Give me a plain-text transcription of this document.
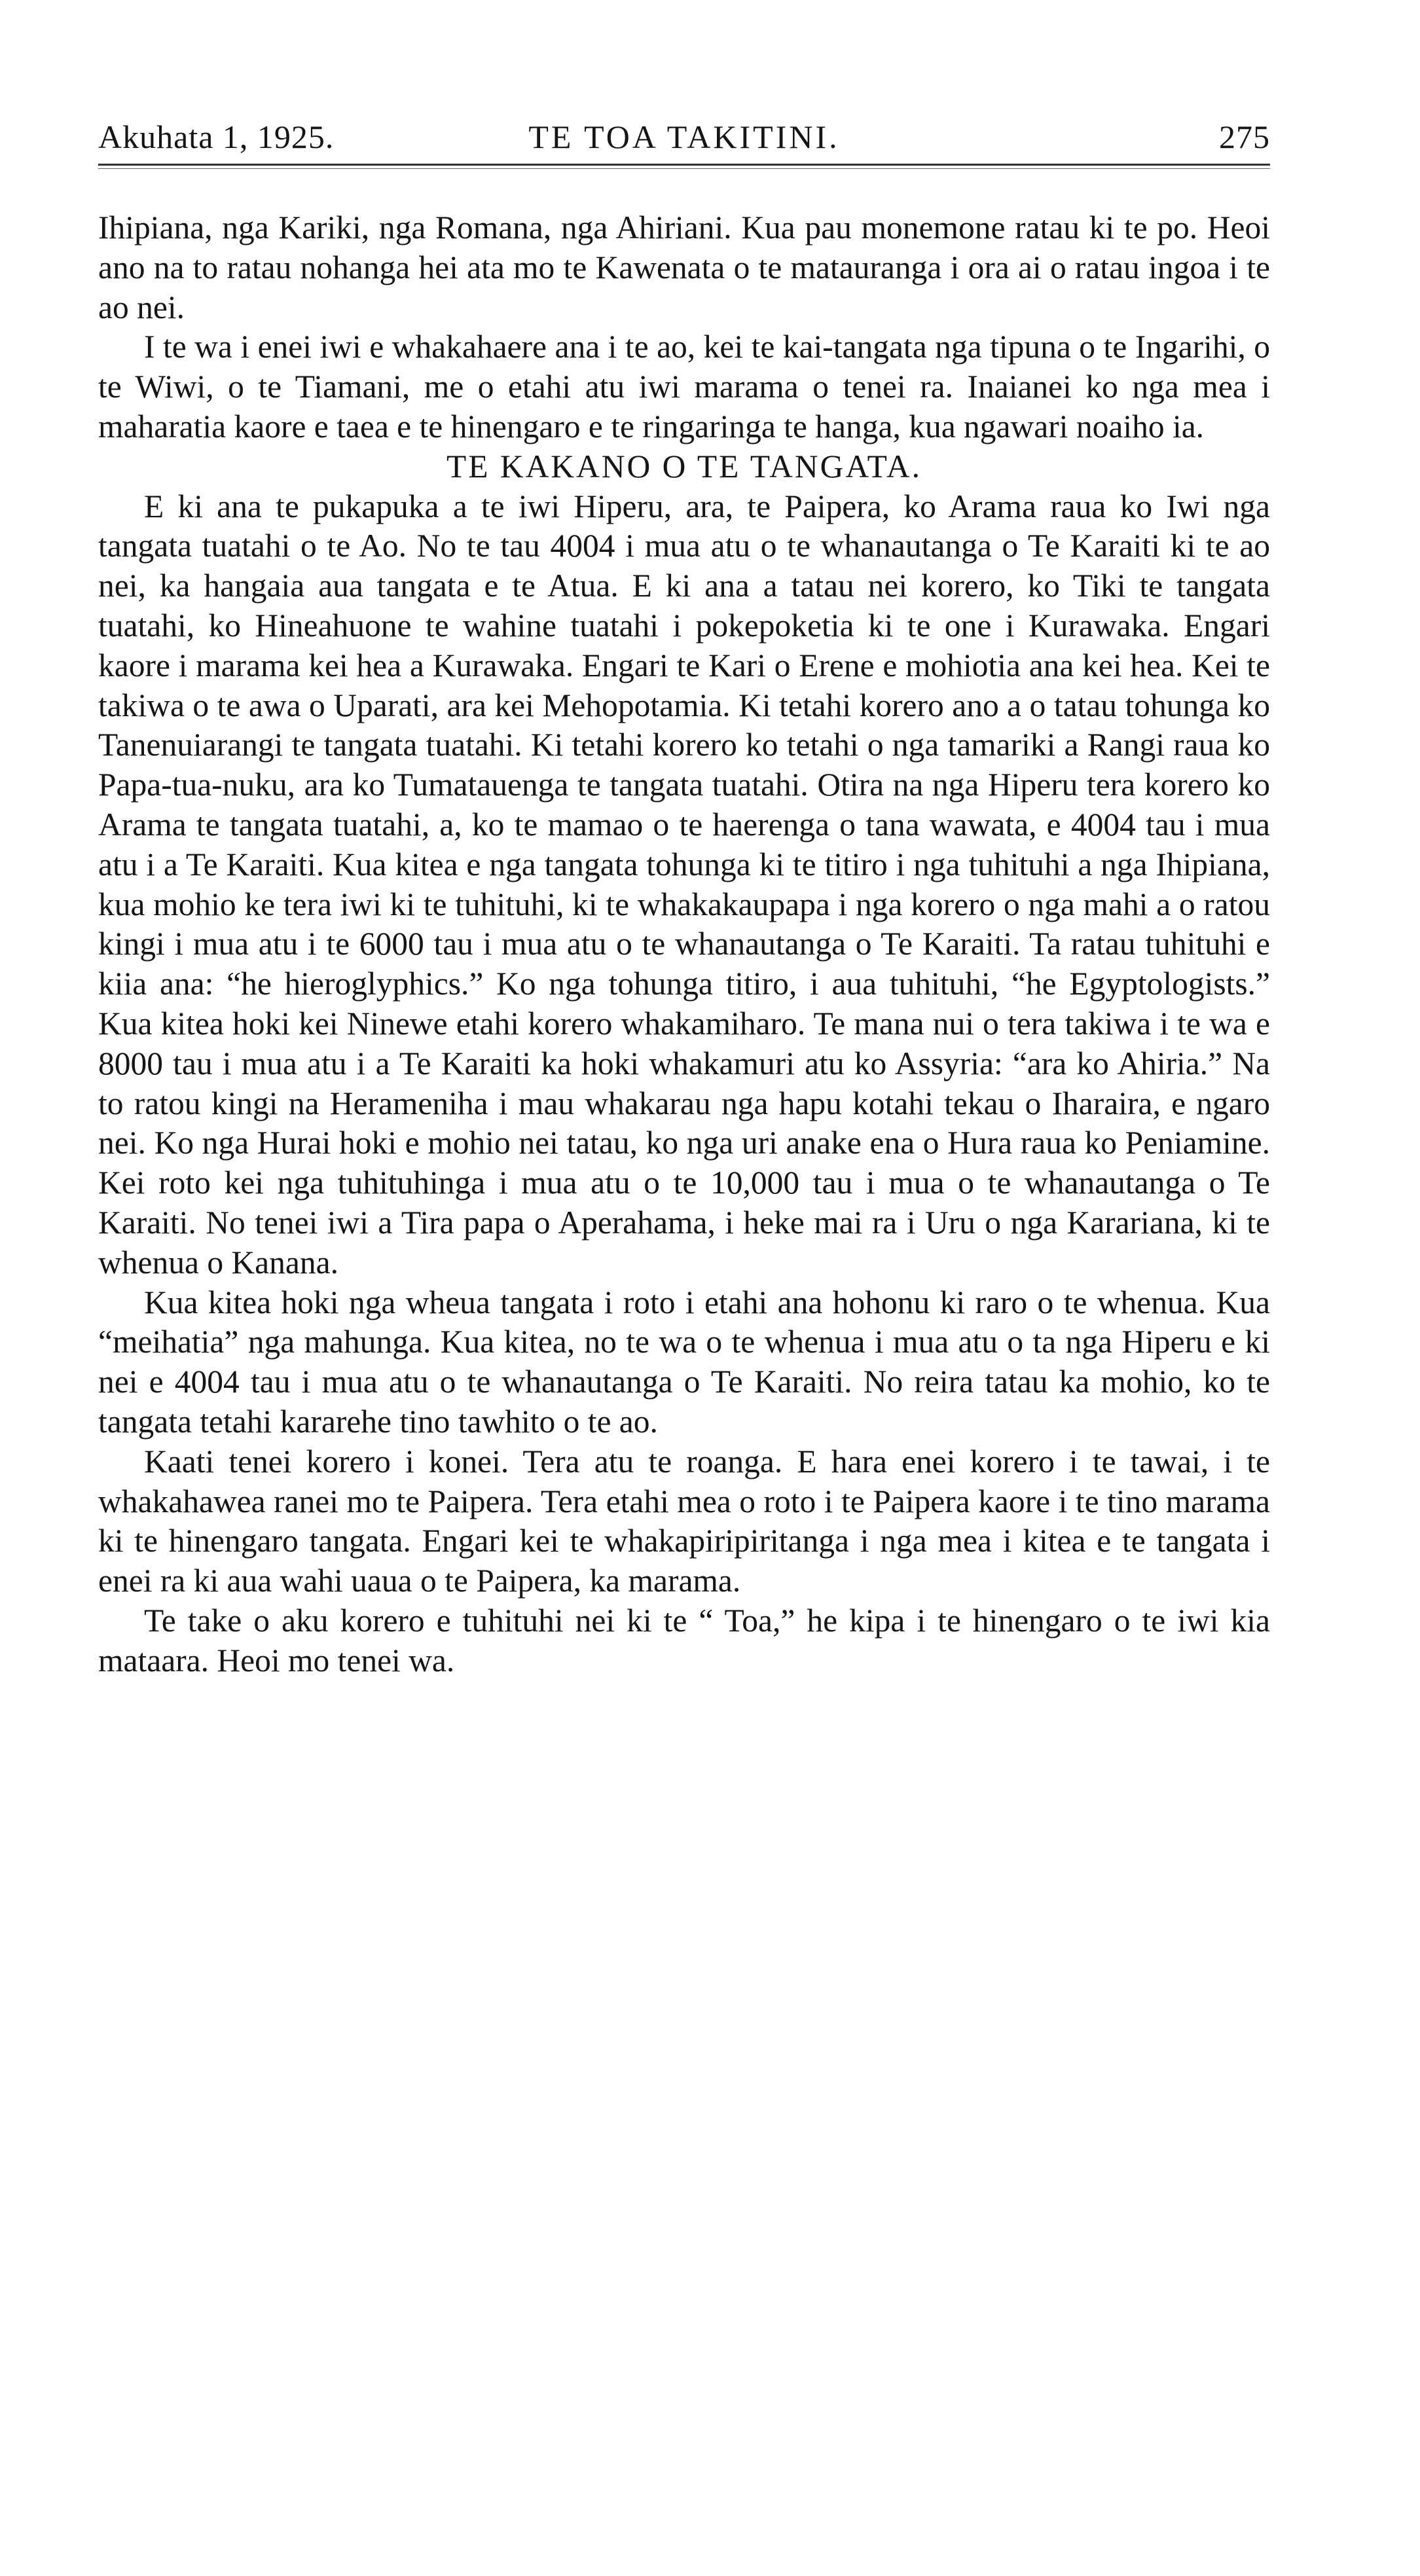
Akuhata 1, 1925.	TE TOA TAKITINI.	275

Ihipiana, nga Kariki, nga Romana, nga Ahiriani. Kua pau monemone ratau ki te po. Heoi ano na to ratau nohanga hei ata mo te Kawenata o te matauranga i ora ai o ratau ingoa i te ao nei.

I te wa i enei iwi e whakahaere ana i te ao, kei te kai-tangata nga tipuna o te Ingarihi, o te Wiwi, o te Tiamani, me o etahi atu iwi marama o tenei ra. Inaianei ko nga mea i maharatia kaore e taea e te hinengaro e te ringaringa te hanga, kua ngawari noaiho ia.

TE KAKANO O TE TANGATA.

E ki ana te pukapuka a te iwi Hiperu, ara, te Paipera, ko Arama raua ko Iwi nga tangata tuatahi o te Ao. No te tau 4004 i mua atu o te whanautanga o Te Karaiti ki te ao nei, ka hangaia aua tangata e te Atua. E ki ana a tatau nei korero, ko Tiki te tangata tuatahi, ko Hineahuone te wahine tuatahi i pokepoketia ki te one i Kurawaka. Engari kaore i marama kei hea a Kurawaka. Engari te Kari o Erene e mohiotia ana kei hea. Kei te takiwa o te awa o Uparati, ara kei Mehopotamia. Ki tetahi korero ano a o tatau tohunga ko Tanenuiarangi te tangata tuatahi. Ki tetahi korero ko tetahi o nga tamariki a Rangi raua ko Papa-tua-nuku, ara ko Tumatauenga te tangata tuatahi. Otira na nga Hiperu tera korero ko Arama te tangata tuatahi, a, ko te mamao o te haerenga o tana wawata, e 4004 tau i mua atu i a Te Karaiti. Kua kitea e nga tangata tohunga ki te titiro i nga tuhituhi a nga Ihipiana, kua mohio ke tera iwi ki te tuhituhi, ki te whakakaupapa i nga korero o nga mahi a o ratou kingi i mua atu i te 6000 tau i mua atu o te whanautanga o Te Karaiti. Ta ratau tuhituhi e kiia ana: “he hieroglyphics.” Ko nga tohunga titiro, i aua tuhituhi, “he Egyptologists.” Kua kitea hoki kei Ninewe etahi korero whakamiharo. Te mana nui o tera takiwa i te wa e 8000 tau i mua atu i a Te Karaiti ka hoki whakamuri atu ko Assyria: “ara ko Ahiria.” Na to ratou kingi na Herameniha i mau whakarau nga hapu kotahi tekau o Iharaira, e ngaro nei. Ko nga Hurai hoki e mohio nei tatau, ko nga uri anake ena o Hura raua ko Peniamine. Kei roto kei nga tuhituhinga i mua atu o te 10,000 tau i mua o te whanautanga o Te Karaiti. No tenei iwi a Tira papa o Aperahama, i heke mai ra i Uru o nga Karariana, ki te whenua o Kanana.

Kua kitea hoki nga wheua tangata i roto i etahi ana hohonu ki raro o te whenua. Kua “meihatia” nga mahunga. Kua kitea, no te wa o te whenua i mua atu o ta nga Hiperu e ki nei e 4004 tau i mua atu o te whanautanga o Te Karaiti. No reira tatau ka mohio, ko te tangata tetahi kararehe tino tawhito o te ao.

Kaati tenei korero i konei. Tera atu te roanga. E hara enei korero i te tawai, i te whakahawea ranei mo te Paipera. Tera etahi mea o roto i te Paipera kaore i te tino marama ki te hinengaro tangata. Engari kei te whakapiripiritanga i nga mea i kitea e te tangata i enei ra ki aua wahi uaua o te Paipera, ka marama.

Te take o aku korero e tuhituhi nei ki te “ Toa,” he kipa i te hinengaro o te iwi kia mataara. Heoi mo tenei wa.
